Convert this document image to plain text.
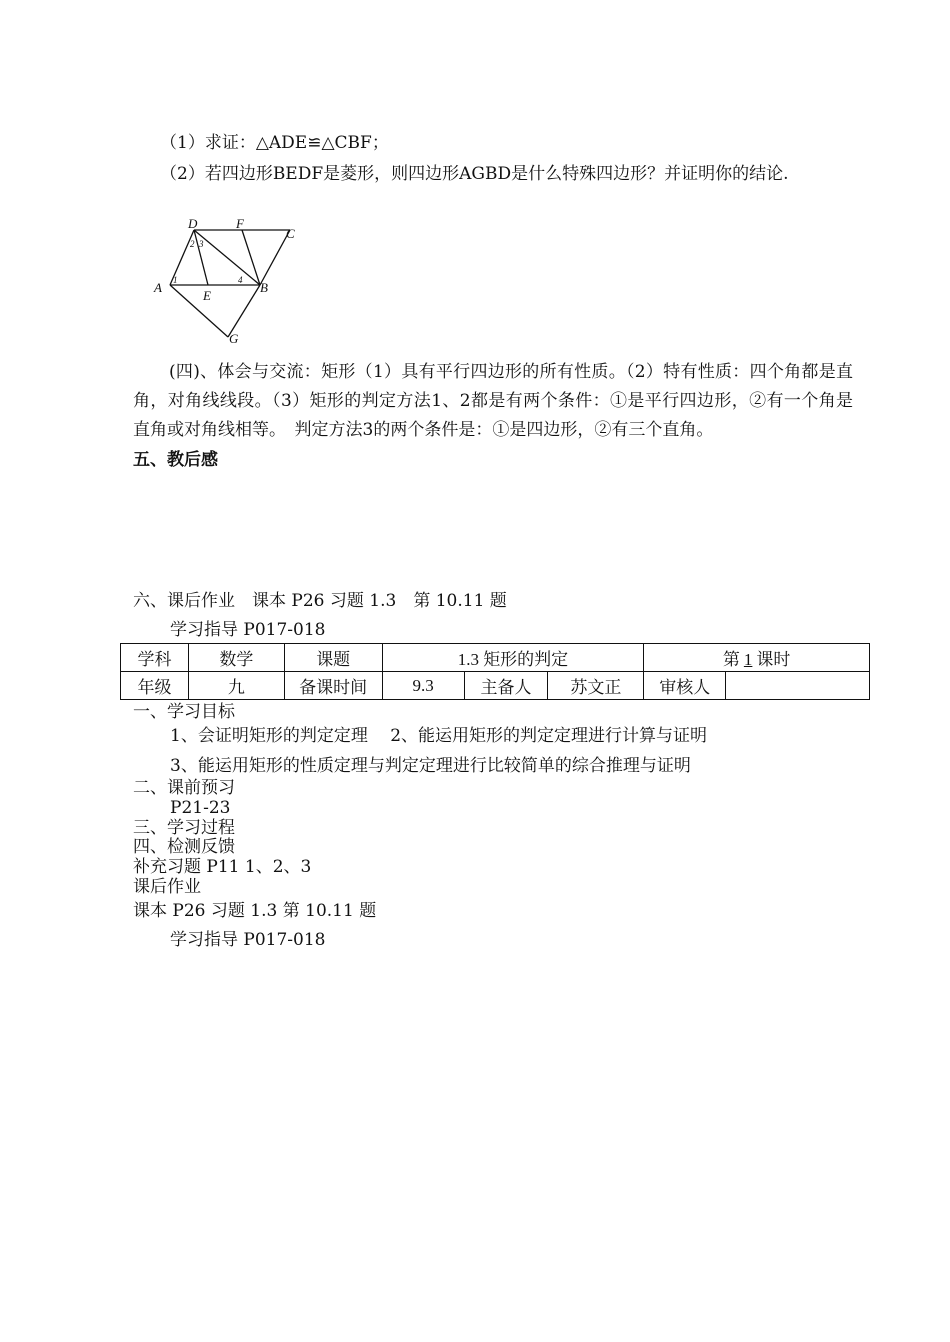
（1）求证：△ADE≌△CBF；
（2）若四边形BEDF是菱形，则四边形AGBD是什么特殊四边形？并证明你的结论.
D	F
C
A
E
B
G
1
2 3
4
(四)、体会与交流：矩形（1）具有平行四边形的所有性质。（2）特有性质：四个角都是直角，对角线线段。（3）矩形的判定方法1、2都是有两个条件：①是平行四边形，②有一个角是直角或对角线相等。　判定方法3的两个条件是：①是四边形，②有三个直角。
五、教后感
六、课后作业　课本 P26 习题 1.3　第 10.11 题
学习指导 P017-018
学科	数学	课题	1.3 矩形的判定			第 1 课时	
年级	九	备课时间	9.3	主备人	苏文正	审核人	
一、学习目标
1、会证明矩形的判定定理　 2、能运用矩形的判定定理进行计算与证明
3、能运用矩形的性质定理与判定定理进行比较简单的综合推理与证明
二、课前预习
P21-23
三、学习过程
四、检测反馈
补充习题 P11 1、2、3
课后作业
课本 P26 习题 1.3 第 10.11 题
学习指导 P017-018
